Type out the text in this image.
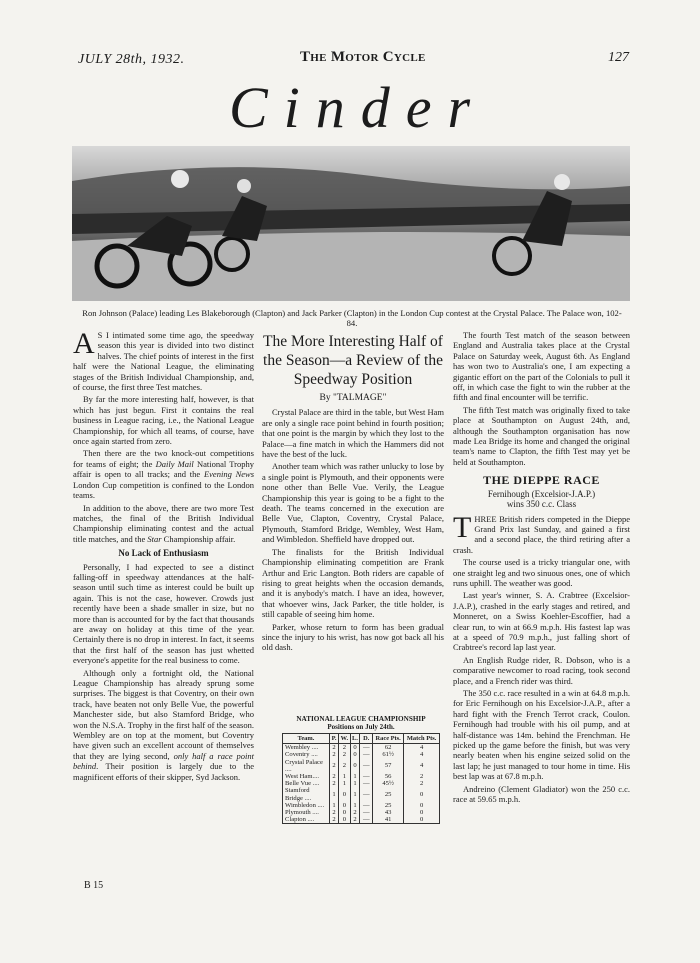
JULY 28th, 1932.	The Motor Cycle	127
Cinder
Ron Johnson (Palace) leading Les Blakeborough (Clapton) and Jack Parker (Clapton) in the London Cup contest at the Crystal Palace. The Palace won, 102-84.

A S I intimated some time ago, the speedway season this year is divided into two distinct halves. The chief points of interest in the first half were the National League, the eliminating stages of the British Individual Championship, and, of course, the first three Test matches.

By far the more interesting half, however, is that which has just begun. First it contains the real business in League racing, i.e., the National League Championship, for which all teams, of course, have once again started from zero.

Then there are the two knock-out competitions for teams of eight; the Daily Mail National Trophy affair is open to all tracks; and the Evening News London Cup competition is confined to the London teams.

In addition to the above, there are two more Test matches, the final of the British Individual Championship eliminating contest and the actual title matches, and the Star Championship affair.

No Lack of Enthusiasm

Personally, I had expected to see a distinct falling-off in speedway attendances at the half-season until such time as interest could be built up again. This is not the case, however. Crowds just recently have been a shade smaller in size, but no more than is accounted for by the fact that thousands are away on holiday at this time of the year. Certainly there is no drop in interest. In fact, it seems that the first half of the season has just whetted everyone's appetite for the real business to come.

Although only a fortnight old, the National League Championship has already sprung some surprises. The biggest is that Coventry, on their own track, have beaten not only Belle Vue, the powerful Manchester side, but also Stamford Bridge, who won the N.S.A. Trophy in the first half of the season. Wembley are on top at the moment, but Coventry have given such an excellent account of themselves that they are lying second, only half a race point behind. Their position is largely due to the magnificent efforts of their skipper, Syd Jackson.

The More Interesting Half of the Season—a Review of the Speedway Position
By "TALMAGE"

Crystal Palace are third in the table, but West Ham are only a single race point behind in fourth position; that one point is the margin by which they lost to the Palace—a fine match in which the Hammers did not have the best of the luck.

Another team which was rather unlucky to lose by a single point is Plymouth, and their opponents were none other than Belle Vue. Verily, the League Championship this year is going to be a fight to the death. The teams concerned in the execution are Belle Vue, Clapton, Coventry, Crystal Palace, Plymouth, Stamford Bridge, Wembley, West Ham, and Wimbledon. Sheffield have dropped out.

The finalists for the British Individual Championship eliminating competition are Frank Arthur and Eric Langton. Both riders are capable of rising to great heights when the occasion demands, and it is anybody's match. I have an idea, however, that whoever wins, Jack Parker, the title holder, is still capable of seeing him home.

Parker, whose return to form has been gradual since the injury to his wrist, has now got back all his old dash.

NATIONAL LEAGUE CHAMPIONSHIP
Positions on July 24th.
Team.	P.	W.	L.	D.	Race Pts.	Match Pts.
Wembley ....	2	2	0	—	62	4
Coventry ....	2	2	0	—	61½	4
Crystal Palace ....	2	2	0	—	57	4
West Ham....	2	1	1	—	56	2
Belle Vue ....	2	1	1	—	45½	2
Stamford Bridge ....	1	0	1	—	25	0
Wimbledon ....	1	0	1	—	25	0
Plymouth ....	2	0	2	—	43	0
Clapton ....	2	0	2	—	41	0

The fourth Test match of the season between England and Australia takes place at the Crystal Palace on Saturday week, August 6th. As England has won two to Australia's one, I am expecting a gigantic effort on the part of the Colonials to pull it off, in which case the fight to win the rubber at the fifth and final encounter will be terrific.

The fifth Test match was originally fixed to take place at Southampton on August 24th, and, although the Southampton organisation has now made Lea Bridge its home and changed the original team's name to Clapton, the fifth Test may yet be held at Southampton.

THE DIEPPE RACE
Fernihough (Excelsior-J.A.P.)
wins 350 c.c. Class

THREE British riders competed in the Dieppe Grand Prix last Sunday, and gained a first and a second place, the third retiring after a crash.

The course used is a tricky triangular one, with one straight leg and two sinuous ones, one of which runs uphill. The weather was good.

Last year's winner, S. A. Crabtree (Excelsior-J.A.P.), crashed in the early stages and retired, and Monneret, on a Swiss Koehler-Escoffier, had a clear run, to win at 66.9 m.p.h. His fastest lap was at a speed of 70.9 m.p.h., just falling short of Crabtree's record lap last year.

An English Rudge rider, R. Dobson, who is a comparative newcomer to road racing, took second place, and a French rider was third.

The 350 c.c. race resulted in a win at 64.8 m.p.h. for Eric Fernihough on his Excelsior-J.A.P., after a hard fight with the French Terrot crack, Coulon. Fernihough had trouble with his oil pump, and at half-distance was 14m. behind the Frenchman. He picked up the game before the finish, but was very nearly beaten when his engine seized solid on the last lap; he just managed to tour home in time. His best lap was at 67.8 m.p.h.

Andreino (Clement Gladiator) won the 250 c.c. race at 59.65 m.p.h.

B 15
